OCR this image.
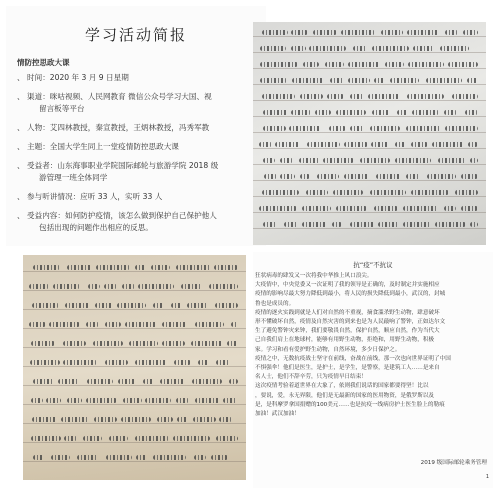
学习活动简报
情防控思政大课
、 时间：2020 年 3 月 9 日星期
、 渠道：咪咕视频、人民网教育 微信公众号学习大国、视
留言板等平台
、 人物：艾四林教授，秦宣教授，王炳林教授，冯秀军教
、 主题：全国大学生同上一堂疫情防控思政大课
、 受益者：山东海事职业学院国际邮轮与旅游学院 2018 级
游管理一班全体同学
、 参与听讲情况：应听 33 人，实听 33 人
、 受益内容：如何防护疫情，该怎么做到保护自己保护他人
包括出现的问题作出相应的反思。
抗“疫”不抗议

狂状病毒的肆发又一次将我中华推上风口浪尖。

大疫情中，中央党委又一次证明了我的领导是正确的，及时制定并实施相应

疫情的影响尽最大努力降低到最小，将人民的损失降低到最小，武汉的，封城

鲁也是成员的。

疫情的逐火实践到就是人们对自然的不重视，摘食滥杀野生动物，肆意破坏

形不懂破坏自然，疫情及自然灾害的到来也是为人民敲响了警钟，正如达尔文

生了避免警钟灾来钟，我们要敬畏自然，保护自然，顺应自然，作为当代大

己自我们肩上在地球村，能够有用野生动物，拒绝和，用野生动物，积极

家。学习和看有爱护野生动物，自然环境，多少日保护之。

疫情之中，无数抗疫战士坚守在前线，奋战在前线，那一次也向世界证明了中国

不惧强伞！他们是医生，是护士，是学生，是警察，是建筑工人……是来自

名人士，他们不辞辛劳，只为疫情早日结束！

这次疫情考验着道世界在大象了，依则我们说话的国家都要得坚！比以

，要说，爱，永无界限，他们是无最新的国家的医用物资，是俄罗斯以及

是，是科摩罗拿国捐赠的100美元……也是抗疫一线病房护士医生脸上的勒痕

加油！武汉加油！

2019 级国际邮轮乘务管理
1
